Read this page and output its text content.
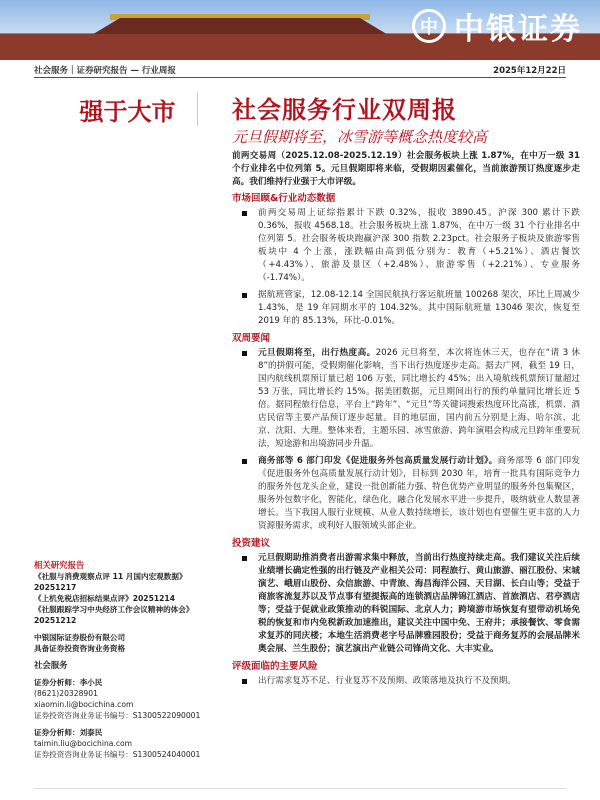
中 中银证券
社会服务｜证券研究报告 — 行业周报	2025年12月22日
强于大市	社会服务行业双周报
元旦假期将至，冰雪游等概念热度较高

前两交易周（2025.12.08-2025.12.19）社会服务板块上涨 1.87%，在中万一级 31 个行业排名中位列第 5。元旦假期即将来临，受假期因素催化，当前旅游预订热度逐步走高。我们维持行业强于大市评级。

市场回顾&行业动态数据
前两交易周上证综指累计下跌 0.32%，报收 3890.45。沪深 300 累计下跌 0.36%，报收 4568.18。社会服务板块上涨 1.87%，在中万一级 31 个行业排名中位列第 5。社会服务板块跑赢沪深 300 指数 2.23pct。社会服务子板块及旅游零售板块中 4 个上涨，涨跌幅由高到低分别为：教育（+5.21%）、酒店餐饮（+4.43%）、旅游及景区（+2.48%）、旅游零售（+2.21%）、专业服务（-1.74%）。
据航班管家，12.08-12.14 全国民航执行客运航班量 100268 架次，环比上周减少 1.43%，是 19 年同期水平的 104.32%。其中国际航班量 13046 架次，恢复至 2019 年的 85.13%，环比-0.01%。
双周要闻
元旦假期将至，出行热度高。2026 元旦将至，本次将连休三天，也存在“请 3 休 8”的拼假可能，受假期催化影响，当下出行热度逐步走高。据去广网，截至 19 日，国内航线机票预订量已超 106 万张，同比增长约 45%；出入境航线机票预订量超过 53 万张，同比增长约 15%。据美团数据，元旦期间出行的预约单量同比增长近 5 倍。据同程旅行信息，平台上“跨年”、“元旦”等关键词搜索热度环比高涨，机票、酒店民宿等主要产品预订逐步起量。目的地层面，国内前五分别是上海、哈尔滨、北京、沈阳、大理。整体来看，主题乐园、冰雪旅游、跨年演唱会构成元旦跨年重要玩法，短途游和出境游同步升温。
商务部等 6 部门印发《促进服务外包高质量发展行动计划》。商务部等 6 部门印发《促进服务外包高质量发展行动计划》，目标到 2030 年，培育一批具有国际竞争力的服务外包龙头企业，建设一批创新能力强、特色优势产业明显的服务外包集聚区，服务外包数字化，智能化，绿色化，融合化发展水平进一步提升，吸纳就业人数显著增长。当下我国人服行业规模、从业人数持续增长，该计划也有望催生更丰富的人力资源服务需求，或利好人服领域头部企业。
投资建议
元旦假期助推消费者出游需求集中释放，当前出行热度持续走高。我们建议关注后续业绩增长确定性强的出行链及产业相关公司：同程旅行、黄山旅游、丽江股份、宋城演艺、峨眉山股份、众信旅游、中青旅、海昌海洋公园、天目湖、长白山等；受益于商旅客流复苏以及节点事有望提振高的连锁酒店品牌锦江酒店、首旅酒店、君亭酒店等；受益于促就业政策推动的科锐国际、北京人力；跨境游市场恢复有望带动机场免税的恢复和市内免税新政加速推出，建议关注中国中免、王府井；承接餐饮、零食需求复苏的同庆楼；本地生活消费老字号品牌雅园股份；受益于商务复苏的会展品牌米奥会展、兰生股份；演艺演出产业链公司锋尚文化、大丰实业。
评级面临的主要风险
出行需求复苏不足、行业复苏不及预期、政策落地及执行不及预期。
相关研究报告
《社服与消费观察点评 11 月国内宏观数据》20251217
《上机免税店招标结果点评》20251214
《社服跟踪学习中央经济工作会议精神的体会》20251212
中银国际证券股份有限公司
具备证券投资咨询业务资格
社会服务
证券分析师：李小民
(8621)20328901
xiaomin.li@bocichina.com
证券投资咨询业务证书编号：S1300522090001
证券分析师：刘泰民
taimin.liu@bocichina.com
证券投资咨询业务证书编号：S1300524040001
